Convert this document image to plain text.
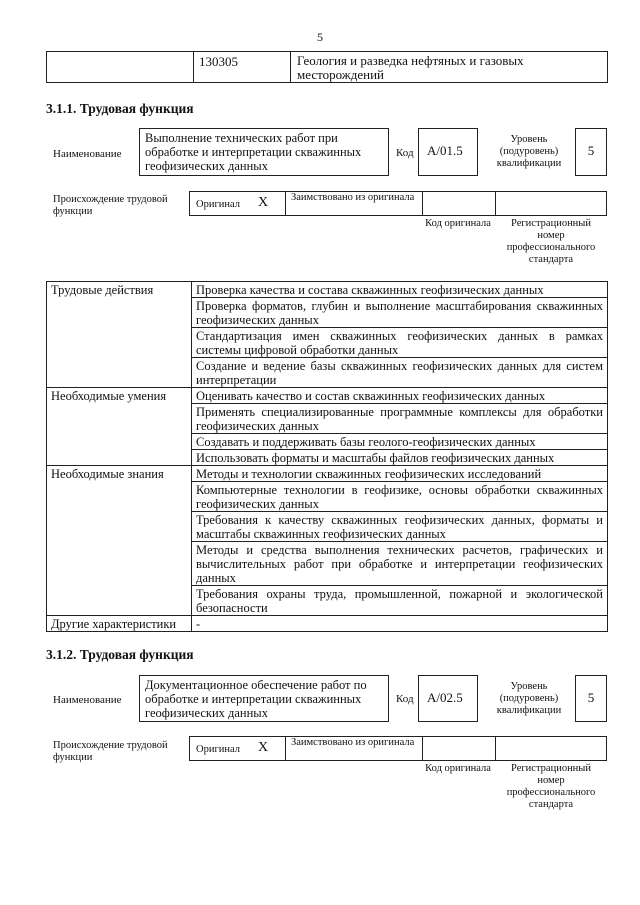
5
130305	Геология и разведка нефтяных и газовых месторождений
3.1.1. Трудовая функция
Наименование
Выполнение технических работ при обработке и интерпретации скважинных геофизических данных
Код	A/01.5
Уровень (подуровень) квалификации
5
Происхождение трудовой функции
Оригинал X Заимствовано из оригинала
Код оригинала	Регистрационный номер профессионального стандарта
Трудовые действия	Проверка качества и состава скважинных геофизических данных
	Проверка форматов, глубин и выполнение масштабирования скважинных геофизических данных
	Стандартизация имен скважинных геофизических данных в рамках системы цифровой обработки данных
	Создание и ведение базы скважинных геофизических данных для систем интерпретации
Необходимые умения	Оценивать качество и состав скважинных геофизических данных
	Применять специализированные программные комплексы для обработки геофизических данных
	Создавать и поддерживать базы геолого-геофизических данных
	Использовать форматы и масштабы файлов геофизических данных
Необходимые знания	Методы и технологии скважинных геофизических исследований
	Компьютерные технологии в геофизике, основы обработки скважинных геофизических данных
	Требования к качеству скважинных геофизических данных, форматы и масштабы скважинных геофизических данных
	Методы и средства выполнения технических расчетов, графических и вычислительных работ при обработке и интерпретации геофизических данных
	Требования охраны труда, промышленной, пожарной и экологической безопасности
Другие характеристики	-
3.1.2. Трудовая функция
Наименование
Документационное обеспечение работ по обработке и интерпретации скважинных геофизических данных
Код	A/02.5
Уровень (подуровень) квалификации
5
Происхождение трудовой функции
Оригинал X Заимствовано из оригинала
Код оригинала	Регистрационный номер профессионального стандарта
